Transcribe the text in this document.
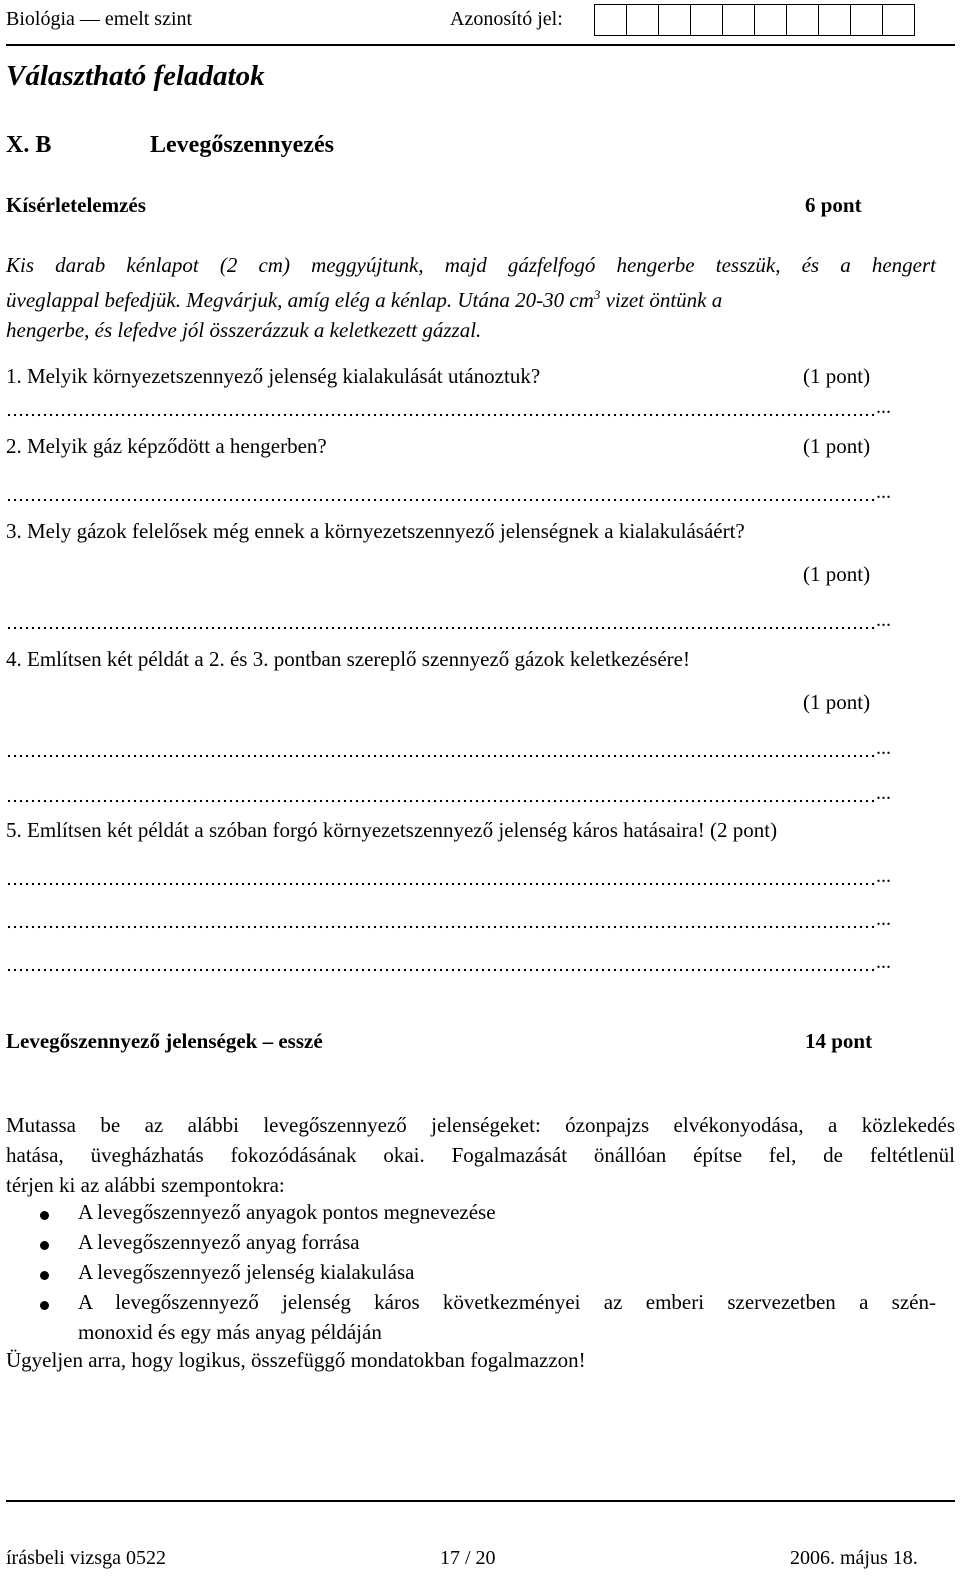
Biológia — emelt szint	Azonosító jel:
Választható feladatok
X. B	Levegőszennyezés
Kísérletelemzés	6 pont
Kis darab kénlapot (2 cm) meggyújtunk, majd gázfelfogó hengerbe tesszük, és a hengert
üveglappal befedjük. Megvárjuk, amíg elég a kénlap. Utána 20-30 $cm^3$ vizet öntünk a
hengerbe, és lefedve jól összerázzuk a keletkezett gázzal.
1. Melyik környezetszennyező jelenség kialakulását utánoztuk?	(1 pont)
...
2. Melyik gáz képződött a hengerben?	(1 pont)
...
3. Mely gázok felelősek még ennek a környezetszennyező jelenségnek a kialakulásáért?
(1 pont)
...
4. Említsen két példát a 2. és 3. pontban szereplő szennyező gázok keletkezésére!
(1 pont)
...
...
5. Említsen két példát a szóban forgó környezetszennyező jelenség káros hatásaira! (2 pont)
...
...
...
Levegőszennyező jelenségek – esszé	14 pont
Mutassa be az alábbi levegőszennyező jelenségeket: ózonpajzs elvékonyodása, a közlekedés
hatása, üvegházhatás fokozódásának okai. Fogalmazását önállóan építse fel, de feltétlenül
térjen ki az alábbi szempontokra:
A levegőszennyező anyagok pontos megnevezése
A levegőszennyező anyag forrása
A levegőszennyező jelenség kialakulása
A levegőszennyező jelenség káros következményei az emberi szervezetben a szén-
monoxid és egy más anyag példáján
Ügyeljen arra, hogy logikus, összefüggő mondatokban fogalmazzon!
írásbeli vizsga 0522	17 / 20	2006. május 18.
